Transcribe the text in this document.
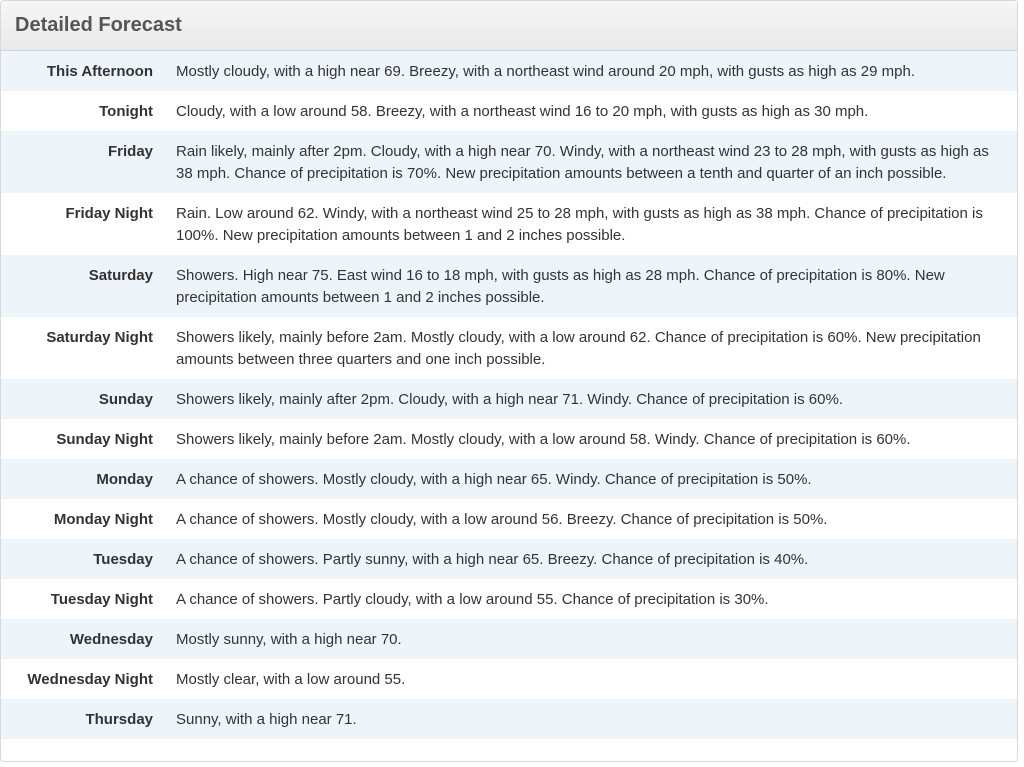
Detailed Forecast
This Afternoon	Mostly cloudy, with a high near 69. Breezy, with a northeast wind around 20 mph, with gusts as high as 29 mph.
Tonight	Cloudy, with a low around 58. Breezy, with a northeast wind 16 to 20 mph, with gusts as high as 30 mph.
Friday	Rain likely, mainly after 2pm. Cloudy, with a high near 70. Windy, with a northeast wind 23 to 28 mph, with gusts as high as 38 mph. Chance of precipitation is 70%. New precipitation amounts between a tenth and quarter of an inch possible.
Friday Night	Rain. Low around 62. Windy, with a northeast wind 25 to 28 mph, with gusts as high as 38 mph. Chance of precipitation is 100%. New precipitation amounts between 1 and 2 inches possible.
Saturday	Showers. High near 75. East wind 16 to 18 mph, with gusts as high as 28 mph. Chance of precipitation is 80%. New precipitation amounts between 1 and 2 inches possible.
Saturday Night	Showers likely, mainly before 2am. Mostly cloudy, with a low around 62. Chance of precipitation is 60%. New precipitation amounts between three quarters and one inch possible.
Sunday	Showers likely, mainly after 2pm. Cloudy, with a high near 71. Windy. Chance of precipitation is 60%.
Sunday Night	Showers likely, mainly before 2am. Mostly cloudy, with a low around 58. Windy. Chance of precipitation is 60%.
Monday	A chance of showers. Mostly cloudy, with a high near 65. Windy. Chance of precipitation is 50%.
Monday Night	A chance of showers. Mostly cloudy, with a low around 56. Breezy. Chance of precipitation is 50%.
Tuesday	A chance of showers. Partly sunny, with a high near 65. Breezy. Chance of precipitation is 40%.
Tuesday Night	A chance of showers. Partly cloudy, with a low around 55. Chance of precipitation is 30%.
Wednesday	Mostly sunny, with a high near 70.
Wednesday Night	Mostly clear, with a low around 55.
Thursday	Sunny, with a high near 71.
